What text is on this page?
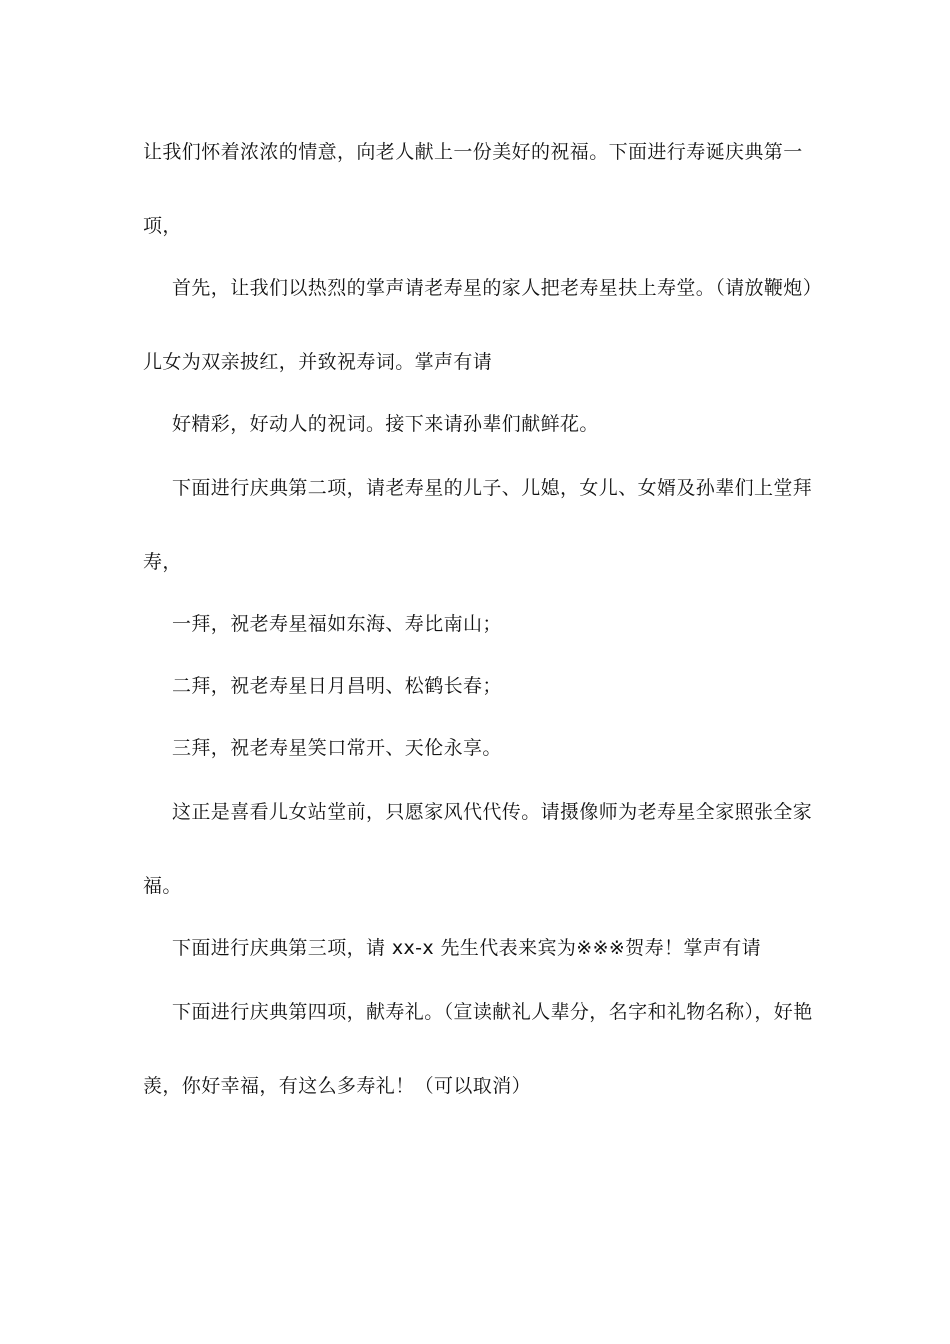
让我们怀着浓浓的情意，向老人献上一份美好的祝福。下面进行寿诞庆典第一

项，

首先，让我们以热烈的掌声请老寿星的家人把老寿星扶上寿堂。（请放鞭炮）

儿女为双亲披红，并致祝寿词。掌声有请

好精彩，好动人的祝词。接下来请孙辈们献鲜花。

下面进行庆典第二项，请老寿星的儿子、儿媳，女儿、女婿及孙辈们上堂拜

寿，

一拜，祝老寿星福如东海、寿比南山；

二拜，祝老寿星日月昌明、松鹤长春；

三拜，祝老寿星笑口常开、天伦永享。

这正是喜看儿女站堂前，只愿家风代代传。请摄像师为老寿星全家照张全家

福。

下面进行庆典第三项，请 xx-x 先生代表来宾为※※※贺寿！掌声有请

下面进行庆典第四项，献寿礼。（宣读献礼人辈分，名字和礼物名称），好艳

羡，你好幸福，有这么多寿礼！（可以取消）
